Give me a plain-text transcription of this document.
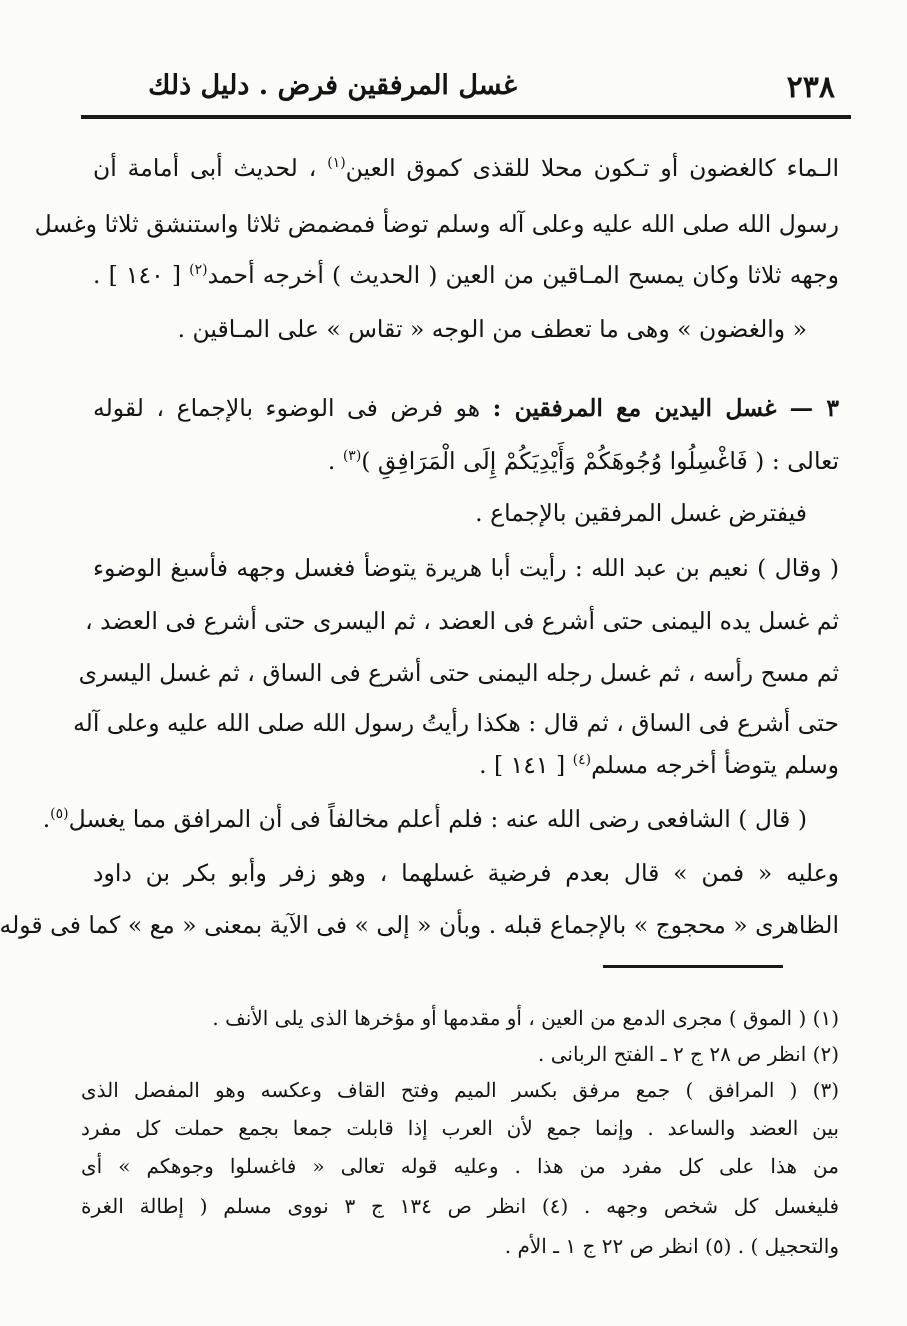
٢٣٨
غسل المرفقين فرض . دليل ذلك
الـماء كالغضون أو تـكون محلا للقذى كموق العين$^{(١)}$ ، لحديث أبى أمامة أن
رسول الله صلى الله عليه وعلى آله وسلم توضأ فمضمض ثلاثا واستنشق ثلاثا وغسل
وجهه ثلاثا وكان يمسح المـاقين من العين ( الحديث ) أخرجه أحمد$^{(٢)}$ [ ١٤٠ ] .
« والغضون » وهى ما تعطف من الوجه « تقاس » على المـاقين .
٣ — غسل اليدين مع المرفقين : هو فرض فى الوضوء بالإجماع ، لقوله
تعالى : ( فَاغْسِلُوا وُجُوهَكُمْ وَأَيْدِيَكُمْ إِلَى الْمَرَافِقِ )$^{(٣)}$ .
فيفترض غسل المرفقين بالإجماع .
( وقال ) نعيم بن عبد الله : رأيت أبا هريرة يتوضأ فغسل وجهه فأسبغ الوضوء
ثم غسل يده اليمنى حتى أشرع فى العضد ، ثم اليسرى حتى أشرع فى العضد ،
ثم مسح رأسه ، ثم غسل رجله اليمنى حتى أشرع فى الساق ، ثم غسل اليسرى
حتى أشرع فى الساق ، ثم قال : هكذا رأيتُ رسول الله صلى الله عليه وعلى آله
وسلم يتوضأ أخرجه مسلم$^{(٤)}$ [ ١٤١ ] .
( قال ) الشافعى رضى الله عنه : فلم أعلم مخالفاً فى أن المرافق مما يغسل$^{(٥)}$.
وعليه « فمن » قال بعدم فرضية غسلهما ، وهو زفر وأبو بكر بن داود
الظاهرى « محجوج » بالإجماع قبله . وبأن « إلى » فى الآية بمعنى « مع » كما فى قوله
(١) ( الموق ) مجرى الدمع من العين ، أو مقدمها أو مؤخرها الذى يلى الأنف .
(٢) انظر ص ٢٨ ج ٢ ـ الفتح الربانى .
(٣) ( المرافق ) جمع مرفق بكسر الميم وفتح القاف وعكسه وهو المفصل الذى
بين العضد والساعد . وإنما جمع لأن العرب إذا قابلت جمعا بجمع حملت كل مفرد
من هذا على كل مفرد من هذا . وعليه قوله تعالى « فاغسلوا وجوهكم » أى
فليغسل كل شخص وجهه . (٤) انظر ص ١٣٤ ج ٣ نووى مسلم ( إطالة الغرة
والتحجيل ) . (٥) انظر ص ٢٢ ج ١ ـ الأم .
